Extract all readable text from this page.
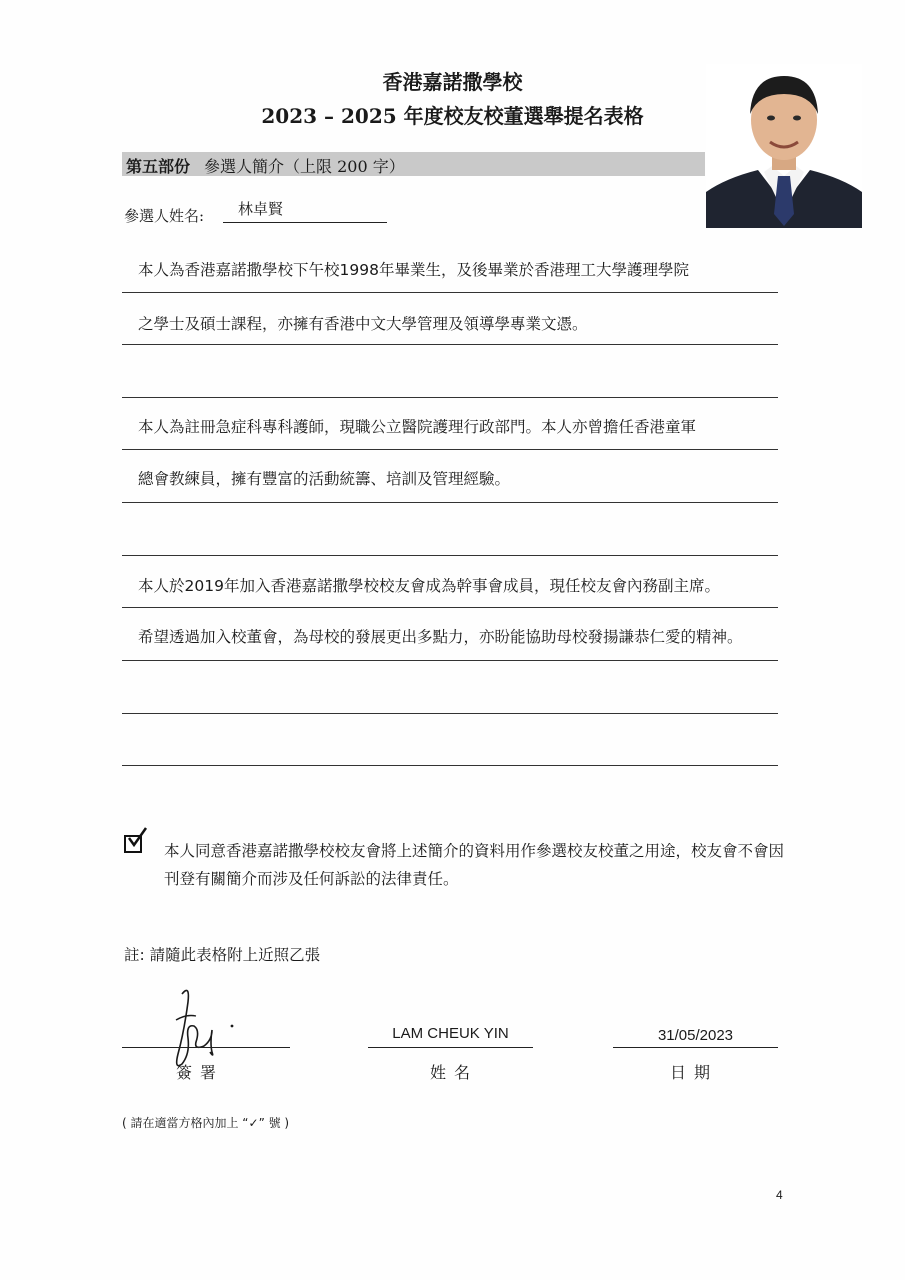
香港嘉諾撒學校
2023 – 2025 年度校友校董選舉提名表格
第五部份 參選人簡介（上限 200 字）
參選人姓名: 林卓賢
本人為香港嘉諾撒學校下午校1998年畢業生，及後畢業於香港理工大學護理學院
之學士及碩士課程，亦擁有香港中文大學管理及領導學專業文憑。
本人為註冊急症科專科護師，現職公立醫院護理行政部門。本人亦曾擔任香港童軍
總會教練員，擁有豐富的活動統籌、培訓及管理經驗。
本人於2019年加入香港嘉諾撒學校校友會成為幹事會成員，現任校友會內務副主席。
希望透過加入校董會，為母校的發展更出多點力，亦盼能協助母校發揚謙恭仁愛的精神。
本人同意香港嘉諾撒學校校友會將上述簡介的資料用作參選校友校董之用途，校友會不會因刊登有關簡介而涉及任何訴訟的法律責任。
註: 請隨此表格附上近照乙張
簽署
LAM CHEUK YIN
姓名
31/05/2023
日期
( 請在適當方格內加上 “✓” 號 )
4
